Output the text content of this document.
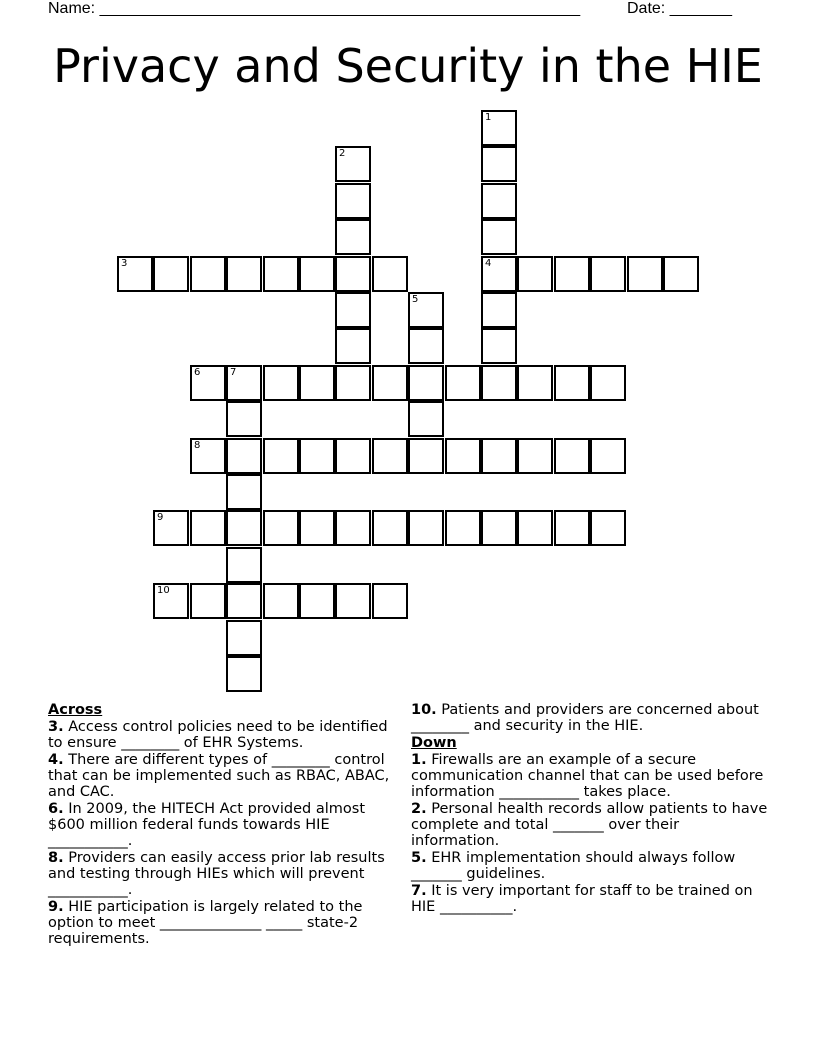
Name: ______________________________________________________	Date: _______
Privacy and Security in the HIE
1
4
2
3
5
6	7
8
9
10
Across
3. Access control policies need to be identified to ensure ________ of EHR Systems.
4. There are different types of ________ control that can be implemented such as RBAC, ABAC, and CAC.
6. In 2009, the HITECH Act provided almost $600 million federal funds towards HIE ___________.
8. Providers can easily access prior lab results and testing through HIEs which will prevent ___________.
9. HIE participation is largely related to the option to meet ______________ _____ state-2 requirements.
10. Patients and providers are concerned about ________ and security in the HIE.
Down
1. Firewalls are an example of a secure communication channel that can be used before information ___________ takes place.
2. Personal health records allow patients to have complete and total _______ over their information.
5. EHR implementation should always follow _______ guidelines.
7. It is very important for staff to be trained on HIE __________.
